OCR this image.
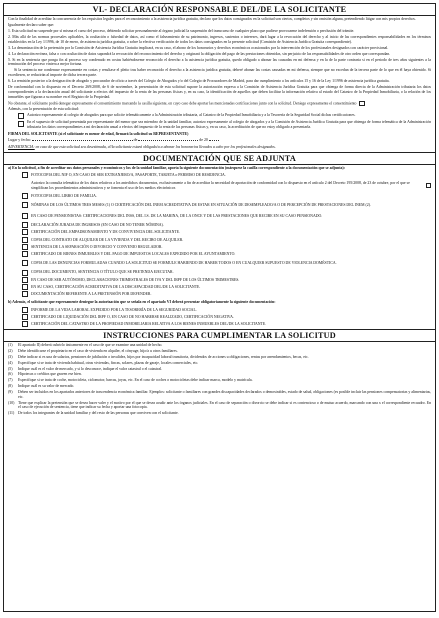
VI.- DECLARACIÓN RESPONSABLE DEL/DE LA SOLICITANTE

Con la finalidad de acreditar la concurrencia de los requisitos legales para el reconocimiento a la asistencia jurídica gratuita, declaro que los datos consignados en la solicitud son ciertos, completos y sin omisión alguna, pretendiendo litigar con mis propios derechos.

Igualmente declaro saber que:

1. Esta solicitud no suspende por sí misma el curso del proceso, debiendo solicitar personalmente al órgano judicial la suspensión del transcurso de cualquier plazo que pudiese provocarme indefensión o preclusión del trámite.

2. Más allá de las normas procesales aplicables, la ocultación o falsedad de datos, así como el falseamiento de su patrimonio, ingresos, sustentos o intereses, dará lugar a la revocación del derecho y al inicio de las correspondientes responsabilidades en los términos establecidos en la Ley 1/1996, de 10 de enero, de asistencia jurídica gratuita, o sobre la efectiva verificación de todos los datos consignados en la presente solicitud (Comisión de Asistencia Jurídica Gratuita correspondiente).

3. La denominación de la pretensión por la Comisión de Asistencia Jurídica Gratuita implicará, en su caso, el abono de los honorarios y derechos económicos ocasionados por la intervención de los profesionales designados con carácter provisional.

4. La declaración errónea, falsa o con ocultación de datos supondrá la revocación del reconocimiento del derecho y originará la obligación del pago de las prestaciones obtenidas, sin perjuicio de las responsabilidades de otro orden que correspondan.

5. Si en la sentencia que ponga fin al proceso soy condenado en costas habiéndoseme reconocido el derecho a la asistencia jurídica gratuita, quedo obligado a abonar las causadas en mi defensa y en la de la parte contraria si en el periodo de tres años siguientes a la terminación del proceso viniera a mejor fortuna.

Si la sentencia me condenase expresamente en costas y resultase el pleito tras haber reconocido el derecho a la asistencia jurídica gratuita, deberé abonar las costas causadas en mi defensa, siempre que no excedan de la tercera parte de lo que en él haya obtenido. Si excediesen, se reducirán al importe de dicha tercera parte.

6. La remisión posterior a la designación de abogado y procurador de oficio a través del Colegio de Abogados y/o del Colegio de Procuradores de Madrid, para dar cumplimiento a los artículos 15 y 16 de la Ley 1/1996 de asistencia jurídica gratuita.

De conformidad con lo dispuesto en el Decreto 269/2008, de 6 de noviembre, la presentación de esta solicitud supone la autorización expresa a la Comisión de Asistencia Jurídica Gratuita para que obtenga de forma directa de la Administración tributaria los datos correspondientes a la declaración anual del solicitante a efectos del impuesto de la renta de las personas físicas y, en su caso, la identificación de aquellos que deben facilitar la información relativa al estado del Catastro de la Propiedad Inmobiliaria, o la relación de los inmuebles que figuran a su nombre en el Registro de la Propiedad.

No obstante, el solicitante podrá denegar expresamente el consentimiento marcando la casilla siguiente, en cuyo caso debe aportar las mencionadas certificaciones junto con la solicitud. Deniego expresamente el consentimiento

Además, con la presentación de esta solicitud:

Autorizo expresamente al colegio de abogados para que solicite telemáticamente a la Administración tributaria, al Catastro de la Propiedad Inmobiliaria y a la Tesorería de la Seguridad Social dichas certificaciones.
En el supuesto de solicitud presentada por representante del menor que sea miembro de la unidad familiar, autorizo expresamente al colegio de abogados y a la Comisión de Asistencia Jurídica Gratuita para que obtenga de forma telemática de la Administración tributaria los datos correspondientes a mi declaración anual a efectos del impuesto de la renta de las personas físicas y, en su caso, la acreditación de que no estoy obligado a presentarla.
FIRMA DEL SOLICITANTE (si el solicitante es menor de edad, firmará la solicitud su REPRESENTANTE)
Lugar y fecha:	de	de 20
ADVERTENCIA: en caso de que esta solicitud sea desestimada, el/la solicitante estará obligado/a a abonar los honorarios llevados a cabo por los profesionales designados.
DOCUMENTACIÓN QUE SE ADJUNTA

a) En la solicitud, a fin de acreditar sus datos personales y económicos y los de la unidad familiar, aporta la siguiente documentación (márquese la casilla correspondiente a la documentación que se adjunta):

FOTOCOPIA DEL NIF O, EN CASO DE SER EXTRANJERO/A, PASAPORTE, TARJETA o PERMISO DE RESIDENCIA.
Autorizo la consulta telemática de los datos relativos a los antedichos documentos, exclusivamente a fin de acreditar la necesidad de aportación de conformidad con lo dispuesto en el artículo 2 del Decreto 195/2008, de 23 de octubre, por el que se simplifican los procedimientos administrativos y se fomenta el uso de los medios electrónicos
FOTOCOPIA DEL LIBRO DE FAMILIA.
NÓMINAS DE LOS ÚLTIMOS TRES MESES (1) O CERTIFICACIÓN DEL INEM ACREDITATIVA DE ESTAR EN SITUACIÓN DE DESEMPLEADO/A O DE PERCEPCIÓN DE PRESTACIONES DEL INEM (2).
EN CASO DE PENSIONISTAS: CERTIFICACIONES DEL INSS, DEL I.S. DE LA MARINA, DE LA ONCE Y DE LAS PRESTACIONES QUE RECIBE EN SU CASO PENSIONADO.
DECLARACIÓN JURADA DE INGRESOS (EN CASO DE NO TENER NÓMINA).
CERTIFICACIÓN DEL EMPADRONAMIENTO Y DE CONVIVENCIA DEL SOLICITANTE.
COPIA DEL CONTRATO DE ALQUILER DE LA VIVIENDA Y DEL RECIBO DE ALQUILER.
SENTENCIA DE LA SEPARACIÓN O DIVORCIO Y CONVENIO REGULADOR.
CERTIFICADO DE BIENES INMUEBLES Y DEL PAGO DE IMPUESTOS LOCALES EXPEDIDO POR EL AYUNTAMIENTO.
COPIA DE LAS DENUNCIAS FORMULADAS CUANDO LA SOLICITUD SE FORMULE HABIENDO DE HABER TODOS O EN CUALQUIER SUPUESTO DE VIOLENCIA DOMÉSTICA.
COPIA DEL DOCUMENTO, SENTENCIA O TÍTULO QUE SE PRETENDA EJECUTAR.
EN CASO DE SER AUTÓNOMO, DECLARACIONES TRIMESTRALES DE IVA Y DEL IRPF DE LOS ÚLTIMOS TRIMESTRES.
EN SU CASO, CERTIFICACIÓN ACREDITATIVA DE LA DISCAPACIDAD DEL/DE LA SOLICITANTE.
DOCUMENTACIÓN REFERENTE A LA PRETENSIÓN POR DEFENDER.

b) Además, el solicitante que expresamente deniegue la autorización que se señala en el apartado VI deberá presentar obligatoriamente la siguiente documentación:

INFORME DE LA VIDA LABORAL EXPEDIDO POR LA TESORERÍA DE LA SEGURIDAD SOCIAL.
CERTIFICADO DE LIQUIDACIÓN DEL IRPF O, EN CASO DE NO HABERSE REALIZADO, CERTIFICACIÓN NEGATIVA.
CERTIFICACIÓN DEL CATASTRO DE LA PROPIEDAD INMOBILIARIA RELATIVA A LOS BIENES INMUEBLES DEL/DE LA SOLICITANTE.
INSTRUCCIONES PARA CUMPLIMENTAR LA SOLICITUD
(1)	El apartado II) deberá cubrirlo únicamente en el caso de que se examine una unidad de hecho.
(2)	Debe identificarse el propietario en el caso de vivienda en alquiler, el cónyuge, hijo/a u otros familiares.
(3)	Debe indicar si es una de salarios, pensiones de jubilación o invalidez, hijos por incapacidad laboral transitoria, dividendos de acciones u obligaciones, rentas por arrendamientos, becas, etc.
(4)	Especifique si se trata de vivienda habitual, otras viviendas, fincas, solares, plazas de garaje, locales comerciales, etc.
(5)	Indique cuál es el valor de mercado, y si lo desconoce, indique el valor catastral o el catastral.
(6)	Hipotecas o créditos que graven ese bien.
(7)	Especifique si se trata de coche, motocicleta, ciclomotor, barcas, joyas, etc. En el caso de coches o motocicletas debe indicar marca, modelo y matrícula.
(8)	Indique cuál es su valor de mercado.
(9)	Deben ser incluidos en los apartados anteriores de trascendencia económica familiar. Ejemplos: solicitante o familiares con grandes discapacidades declarados o demostrables, estado de salud, obligaciones (es posible incluir las pensiones compensatorias y alimentarias, etc.
(10) Tiene que explicar la pretensión que se desea hacer valer y el motivo por el que se desea acudir ante los órganos judiciales. En el caso de separación o divorcio se debe indicar si es contencioso o de mutuo acuerdo, marcando con una x el correspondiente recuadro. En el caso de ejecución de sentencia, tiene que indicar su fecha y aportar una fotocopia.
(11) De todos los integrantes de la unidad familiar y del resto de las personas que conviven con el solicitante.
